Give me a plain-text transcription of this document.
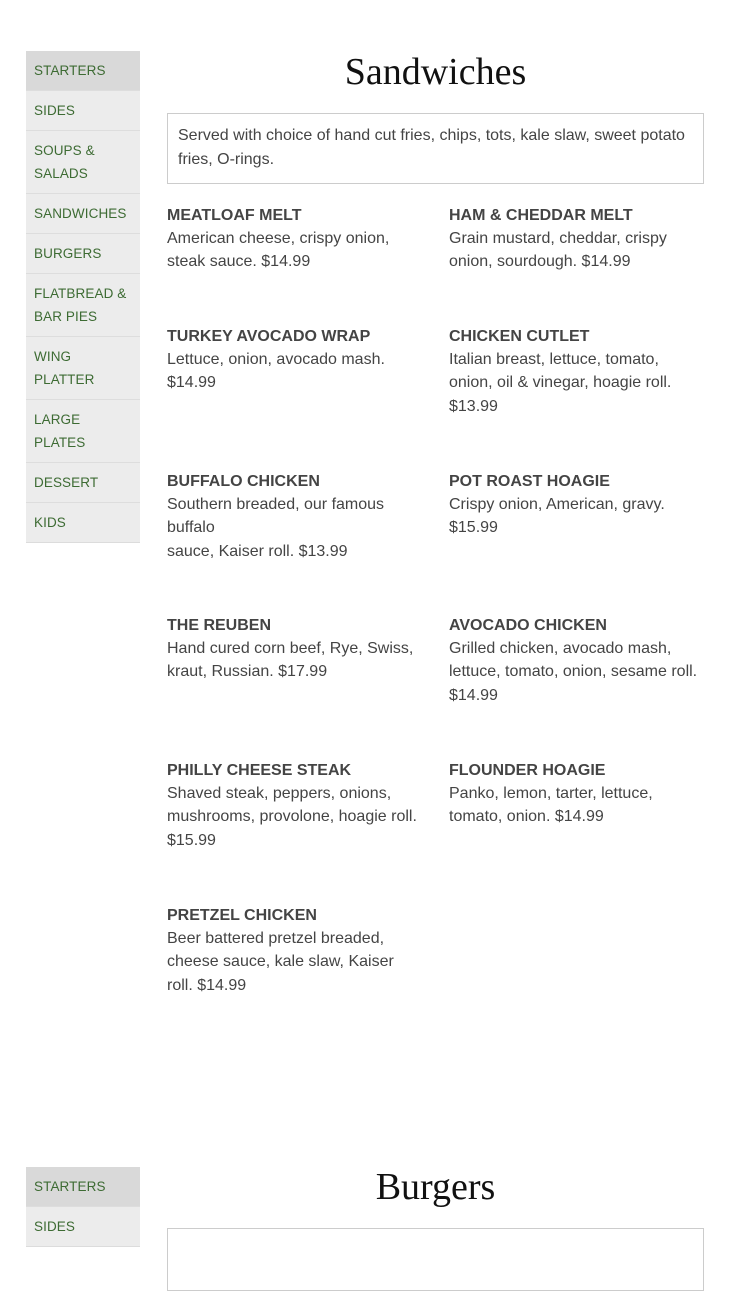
STARTERS
SIDES
SOUPS & SALADS
SANDWICHES
BURGERS
FLATBREAD & BAR PIES
WING PLATTER
LARGE PLATES
DESSERT
KIDS
Sandwiches
Served with choice of hand cut fries, chips, tots, kale slaw, sweet potato fries, O-rings.
MEATLOAF MELT
American cheese, crispy onion, steak sauce. $14.99
HAM & CHEDDAR MELT
Grain mustard, cheddar, crispy onion, sourdough. $14.99
TURKEY AVOCADO WRAP
Lettuce, onion, avocado mash. $14.99
CHICKEN CUTLET
Italian breast, lettuce, tomato, onion, oil & vinegar, hoagie roll. $13.99
BUFFALO CHICKEN
Southern breaded, our famous buffalo
sauce, Kaiser roll. $13.99
POT ROAST HOAGIE
Crispy onion, American, gravy. $15.99
THE REUBEN
Hand cured corn beef, Rye, Swiss, kraut, Russian. $17.99
AVOCADO CHICKEN
Grilled chicken, avocado mash, lettuce, tomato, onion, sesame roll. $14.99
PHILLY CHEESE STEAK
Shaved steak, peppers, onions, mushrooms, provolone, hoagie roll. $15.99
FLOUNDER HOAGIE
Panko, lemon, tarter, lettuce, tomato, onion. $14.99
PRETZEL CHICKEN
Beer battered pretzel breaded, cheese sauce, kale slaw, Kaiser roll. $14.99
STARTERS
SIDES
Burgers
